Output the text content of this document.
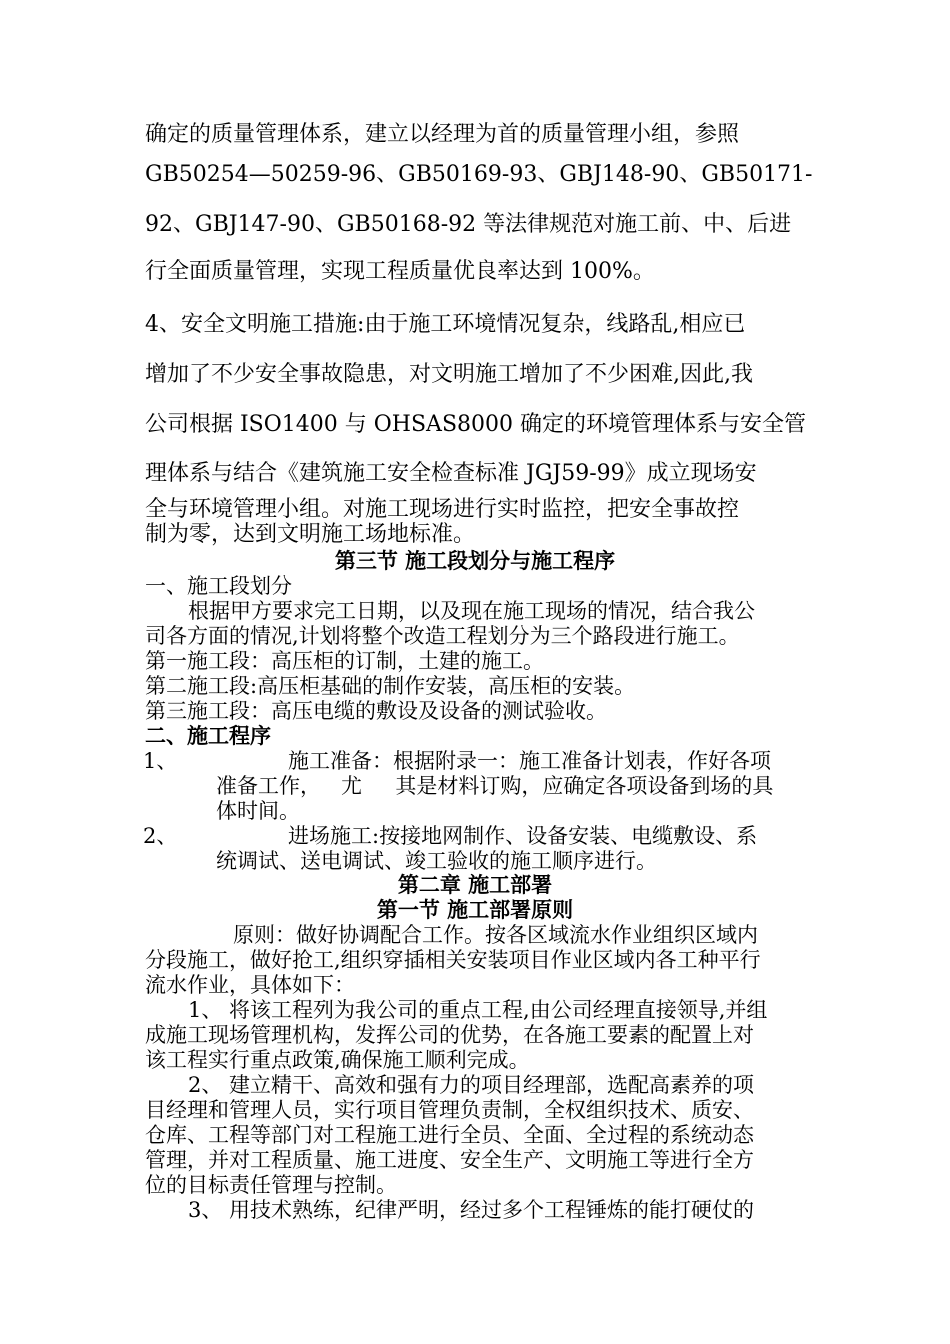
确定的质量管理体系，建立以经理为首的质量管理小组，参照
GB50254—50259-96 、 GB50169-93 、 GBJ148-90 、 GB50171-
92、GBJ147-90、GB50168-92 等法律规范对施工前、中、后进
行全面质量管理，实现工程质量优良率达到 100%。
4、安全文明施工措施:由于施工环境情况复杂，线路乱,相应已
增加了不少安全事故隐患，对文明施工增加了不少困难,因此,我
公司根据 ISO1400 与 OHSAS8000 确定的环境管理体系与安全管
理体系与结合《建筑施工安全检查标准 JGJ59-99》成立现场安
全与环境管理小组。对施工现场进行实时监控，把安全事故控
制为零，达到文明施工场地标准。
第三节 施工段划分与施工程序
一、施工段划分
根据甲方要求完工日期，以及现在施工现场的情况，结合我公
司各方面的情况,计划将整个改造工程划分为三个路段进行施工。
第一施工段：高压柜的订制，土建的施工。
第二施工段:高压柜基础的制作安装，高压柜的安装。
第三施工段：高压电缆的敷设及设备的测试验收。
二、施工程序
1、	施工准备：根据附录一：施工准备计划表，作好各项
准备工作，   尤     其是材料订购，应确定各项设备到场的具
体时间。
2、	进场施工:按接地网制作、设备安装、电缆敷设、系
统调试、送电调试、竣工验收的施工顺序进行。
第二章 施工部署
第一节 施工部署原则
原则：做好协调配合工作。按各区域流水作业组织区域内
分段施工，做好抢工,组织穿插相关安装项目作业区域内各工种平行
流水作业，具体如下：
1、 将该工程列为我公司的重点工程,由公司经理直接领导,并组
成施工现场管理机构，发挥公司的优势，在各施工要素的配置上对
该工程实行重点政策,确保施工顺利完成。
2、 建立精干、高效和强有力的项目经理部，选配高素养的项
目经理和管理人员，实行项目管理负责制，全权组织技术、质安、
仓库、工程等部门对工程施工进行全员、全面、全过程的系统动态
管理，并对工程质量、施工进度、安全生产、文明施工等进行全方
位的目标责任管理与控制。
3、 用技术熟练，纪律严明，经过多个工程锤炼的能打硬仗的
